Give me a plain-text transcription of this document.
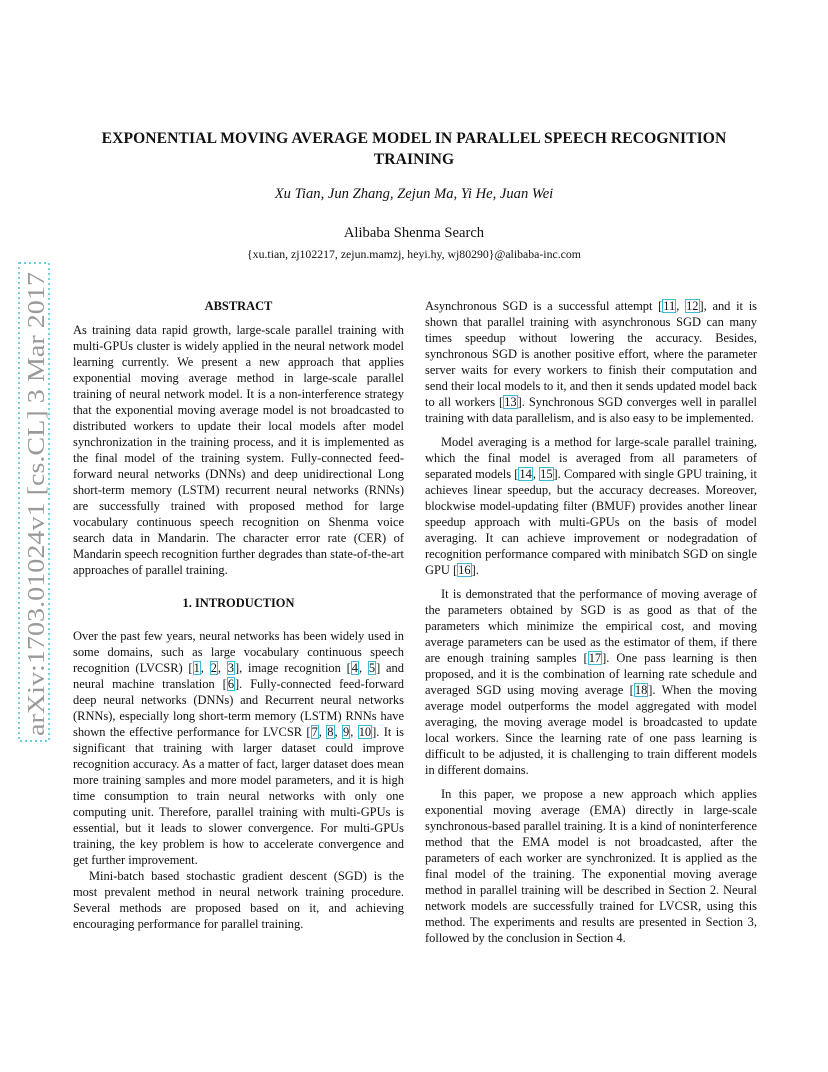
arXiv:1703.01024v1 [cs.CL] 3 Mar 2017
EXPONENTIAL MOVING AVERAGE MODEL IN PARALLEL SPEECH RECOGNITION
TRAINING
Xu Tian, Jun Zhang, Zejun Ma, Yi He, Juan Wei
Alibaba Shenma Search
{xu.tian, zj102217, zejun.mamzj, heyi.hy, wj80290}@alibaba-inc.com
ABSTRACT

As training data rapid growth, large-scale parallel training with multi-GPUs cluster is widely applied in the neural network model learning currently. We present a new approach that applies exponential moving average method in large-scale parallel training of neural network model. It is a non-interference strategy that the exponential moving average model is not broadcasted to distributed workers to update their local models after model synchronization in the training process, and it is implemented as the final model of the training system. Fully-connected feed-forward neural networks (DNNs) and deep unidirectional Long short-term memory (LSTM) recurrent neural networks (RNNs) are successfully trained with proposed method for large vocabulary continuous speech recognition on Shenma voice search data in Mandarin. The character error rate (CER) of Mandarin speech recognition further degrades than state-of-the-art approaches of parallel training.

1. INTRODUCTION

Over the past few years, neural networks has been widely used in some domains, such as large vocabulary continuous speech recognition (LVCSR) [1, 2, 3], image recognition [4, 5] and neural machine translation [6]. Fully-connected feed-forward deep neural networks (DNNs) and Recurrent neural networks (RNNs), especially long short-term memory (LSTM) RNNs have shown the effective performance for LVCSR [7, 8, 9, 10]. It is significant that training with larger dataset could improve recognition accuracy. As a matter of fact, larger dataset does mean more training samples and more model parameters, and it is high time consumption to train neural networks with only one computing unit. Therefore, parallel training with multi-GPUs is essential, but it leads to slower convergence. For multi-GPUs training, the key problem is how to accelerate convergence and get further improvement.

Mini-batch based stochastic gradient descent (SGD) is the most prevalent method in neural network training procedure. Several methods are proposed based on it, and achieving encouraging performance for parallel training.

Asynchronous SGD is a successful attempt [11, 12], and it is shown that parallel training with asynchronous SGD can many times speedup without lowering the accuracy. Besides, synchronous SGD is another positive effort, where the parameter server waits for every workers to finish their computation and send their local models to it, and then it sends updated model back to all workers [13]. Synchronous SGD converges well in parallel training with data parallelism, and is also easy to be implemented.

Model averaging is a method for large-scale parallel training, which the final model is averaged from all parameters of separated models [14, 15]. Compared with single GPU training, it achieves linear speedup, but the accuracy decreases. Moreover, blockwise model-updating filter (BMUF) provides another linear speedup approach with multi-GPUs on the basis of model averaging. It can achieve improvement or nodegradation of recognition performance compared with minibatch SGD on single GPU [16].

It is demonstrated that the performance of moving average of the parameters obtained by SGD is as good as that of the parameters which minimize the empirical cost, and moving average parameters can be used as the estimator of them, if there are enough training samples [17]. One pass learning is then proposed, and it is the combination of learning rate schedule and averaged SGD using moving average [18]. When the moving average model outperforms the model aggregated with model averaging, the moving average model is broadcasted to update local workers. Since the learning rate of one pass learning is difficult to be adjusted, it is challenging to train different models in different domains.

In this paper, we propose a new approach which applies exponential moving average (EMA) directly in large-scale synchronous-based parallel training. It is a kind of noninterference method that the EMA model is not broadcasted, after the parameters of each worker are synchronized. It is applied as the final model of the training. The exponential moving average method in parallel training will be described in Section 2. Neural network models are successfully trained for LVCSR, using this method. The experiments and results are presented in Section 3, followed by the conclusion in Section 4.
